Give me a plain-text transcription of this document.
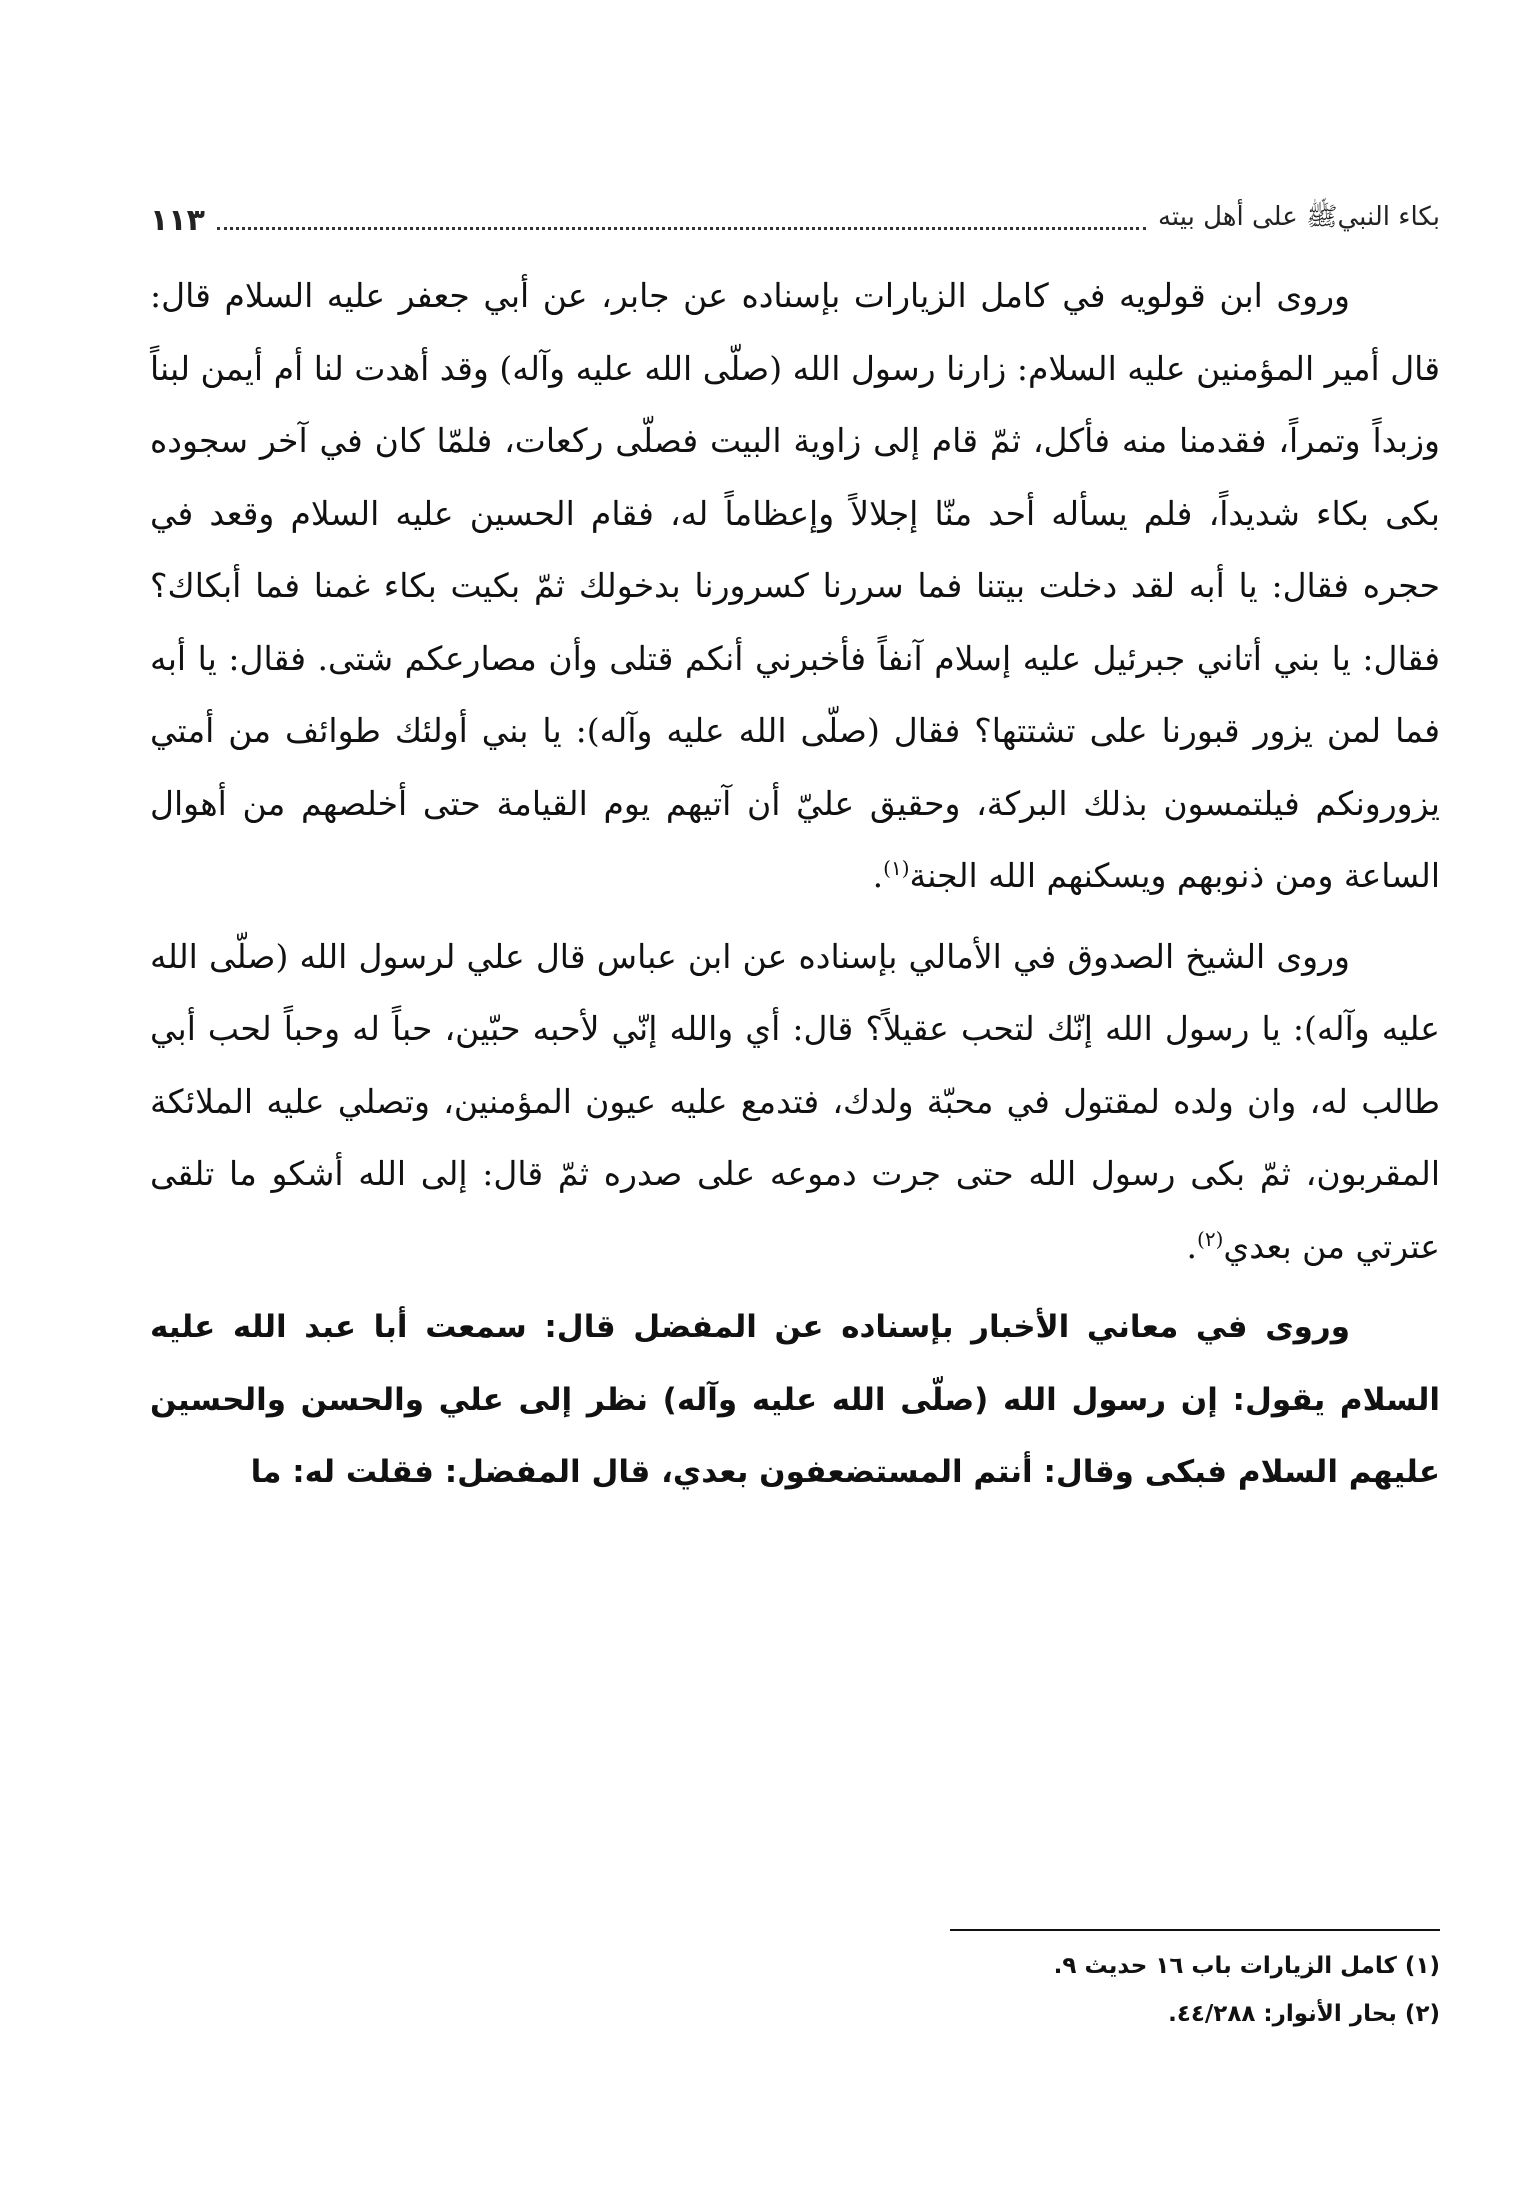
بكاء النبيﷺ على أهل بيته
١١٣

وروى ابن قولويه في كامل الزيارات بإسناده عن جابر، عن أبي جعفر عليه السلام قال: قال أمير المؤمنين عليه السلام: زارنا رسول الله (صلّى الله عليه وآله) وقد أهدت لنا أم أيمن لبناً وزبداً وتمراً، فقدمنا منه فأكل، ثمّ قام إلى زاوية البيت فصلّى ركعات، فلمّا كان في آخر سجوده بكى بكاء شديداً، فلم يسأله أحد منّا إجلالاً وإعظاماً له، فقام الحسين عليه السلام وقعد في حجره فقال: يا أبه لقد دخلت بيتنا فما سررنا كسرورنا بدخولك ثمّ بكيت بكاء غمنا فما أبكاك؟ فقال: يا بني أتاني جبرئيل عليه إسلام آنفاً فأخبرني أنكم قتلى وأن مصارعكم شتى. فقال: يا أبه فما لمن يزور قبورنا على تشتتها؟ فقال (صلّى الله عليه وآله): يا بني أولئك طوائف من أمتي يزورونكم فيلتمسون بذلك البركة، وحقيق عليّ أن آتيهم يوم القيامة حتى أخلصهم من أهوال الساعة ومن ذنوبهم ويسكنهم الله الجنة$^{(١)}$.

وروى الشيخ الصدوق في الأمالي بإسناده عن ابن عباس قال علي لرسول الله (صلّى الله عليه وآله): يا رسول الله إنّك لتحب عقيلاً؟ قال: أي والله إنّي لأحبه حبّين، حباً له وحباً لحب أبي طالب له، وان ولده لمقتول في محبّة ولدك، فتدمع عليه عيون المؤمنين، وتصلي عليه الملائكة المقربون، ثمّ بكى رسول الله حتى جرت دموعه على صدره ثمّ قال: إلى الله أشكو ما تلقى عترتي من بعدي$^{(٢)}$.

وروى في معاني الأخبار بإسناده عن المفضل قال: سمعت أبا عبد الله عليه السلام يقول: إن رسول الله (صلّى الله عليه وآله) نظر إلى علي والحسن والحسين عليهم السلام فبكى وقال: أنتم المستضعفون بعدي، قال المفضل: فقلت له: ما

(١) كامل الزيارات باب ١٦ حديث ٩.
(٢) بحار الأنوار: ٤٤/٢٨٨.
